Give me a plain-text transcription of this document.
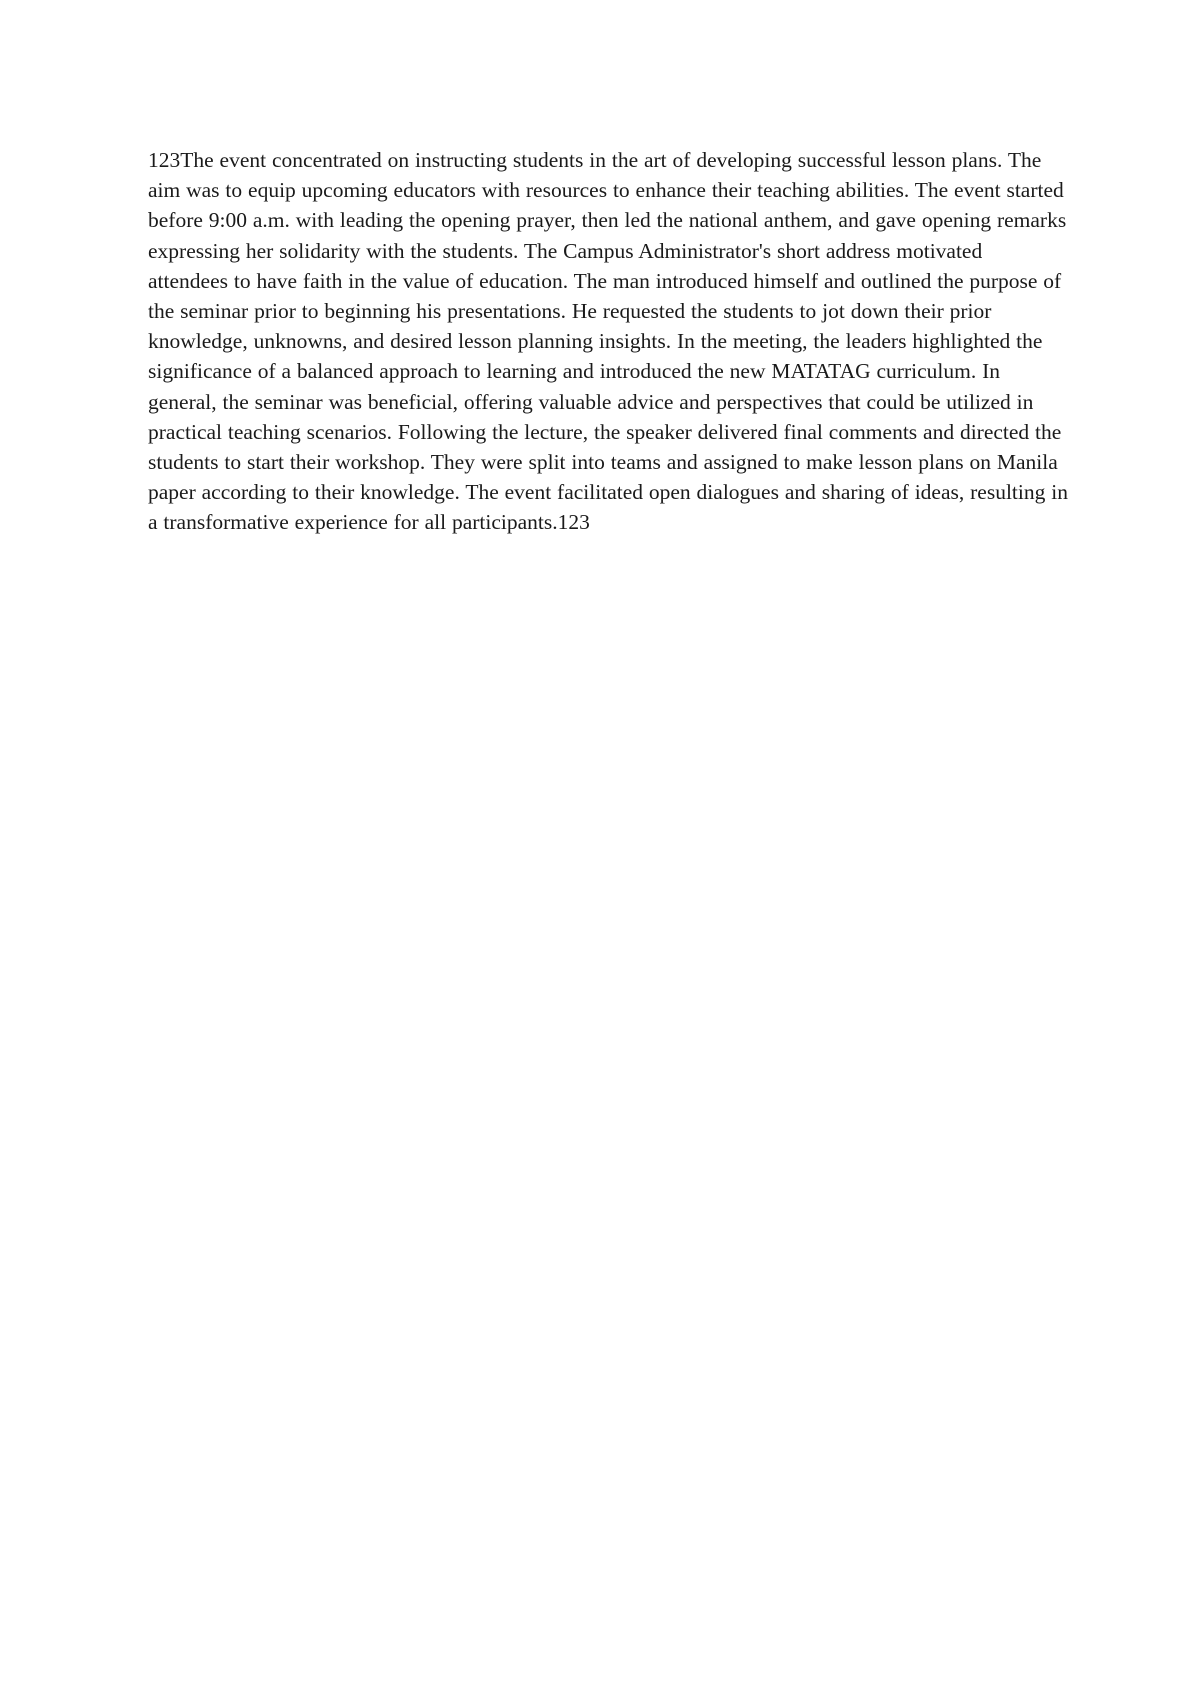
123The event concentrated on instructing students in the art of developing successful lesson plans. The aim was to equip upcoming educators with resources to enhance their teaching abilities. The event started before 9:00 a.m. with leading the opening prayer, then led the national anthem, and gave opening remarks expressing her solidarity with the students. The Campus Administrator's short address motivated attendees to have faith in the value of education. The man introduced himself and outlined the purpose of the seminar prior to beginning his presentations. He requested the students to jot down their prior knowledge, unknowns, and desired lesson planning insights. In the meeting, the leaders highlighted the significance of a balanced approach to learning and introduced the new MATATAG curriculum. In general, the seminar was beneficial, offering valuable advice and perspectives that could be utilized in practical teaching scenarios. Following the lecture, the speaker delivered final comments and directed the students to start their workshop. They were split into teams and assigned to make lesson plans on Manila paper according to their knowledge. The event facilitated open dialogues and sharing of ideas, resulting in a transformative experience for all participants.123
